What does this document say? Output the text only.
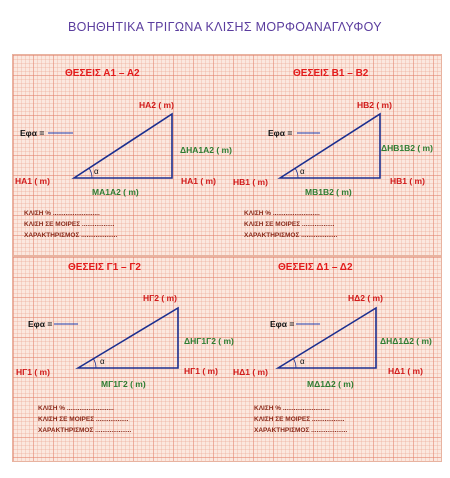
ΒΟΗΘΗΤΙΚΑ ΤΡΙΓΩΝΑ ΚΛΙΣΗΣ ΜΟΡΦΟΑΝΑΓΛΥΦΟΥ
ΘΕΣΕΙΣ Α1 – Α2
ΗΑ2 ( m)
Εφα =
ΔΗΑ1Α2 ( m)
α
ΗΑ1 ( m)	ΗΑ1 ( m)
ΜΑ1Α2 ( m)
ΚΛΙΣΗ % ..........................
ΚΛΙΣΗ ΣΕ ΜΟΙΡΕΣ ..................
ΧΑΡΑΚΤΗΡΙΣΜΟΣ ....................
ΘΕΣΕΙΣ Β1 – Β2
ΗΒ2 ( m)
Εφα =
ΔΗΒ1Β2 ( m)
α
ΗΒ1 ( m)	ΗΒ1 ( m)
ΜΒ1Β2 ( m)
ΚΛΙΣΗ % ..........................
ΚΛΙΣΗ ΣΕ ΜΟΙΡΕΣ ..................
ΧΑΡΑΚΤΗΡΙΣΜΟΣ ....................
ΘΕΣΕΙΣ Γ1 – Γ2
ΗΓ2 ( m)
Εφα =
ΔΗΓ1Γ2 ( m)
α
ΗΓ1 ( m)	ΗΓ1 ( m)
ΜΓ1Γ2 ( m)
ΚΛΙΣΗ % ..........................
ΚΛΙΣΗ ΣΕ ΜΟΙΡΕΣ ..................
ΧΑΡΑΚΤΗΡΙΣΜΟΣ ....................
ΘΕΣΕΙΣ Δ1 – Δ2
ΗΔ2 ( m)
Εφα =
ΔΗΔ1Δ2 ( m)
α
ΗΔ1 ( m)	ΗΔ1 ( m)
ΜΔ1Δ2 ( m)
ΚΛΙΣΗ % ..........................
ΚΛΙΣΗ ΣΕ ΜΟΙΡΕΣ ..................
ΧΑΡΑΚΤΗΡΙΣΜΟΣ ....................
